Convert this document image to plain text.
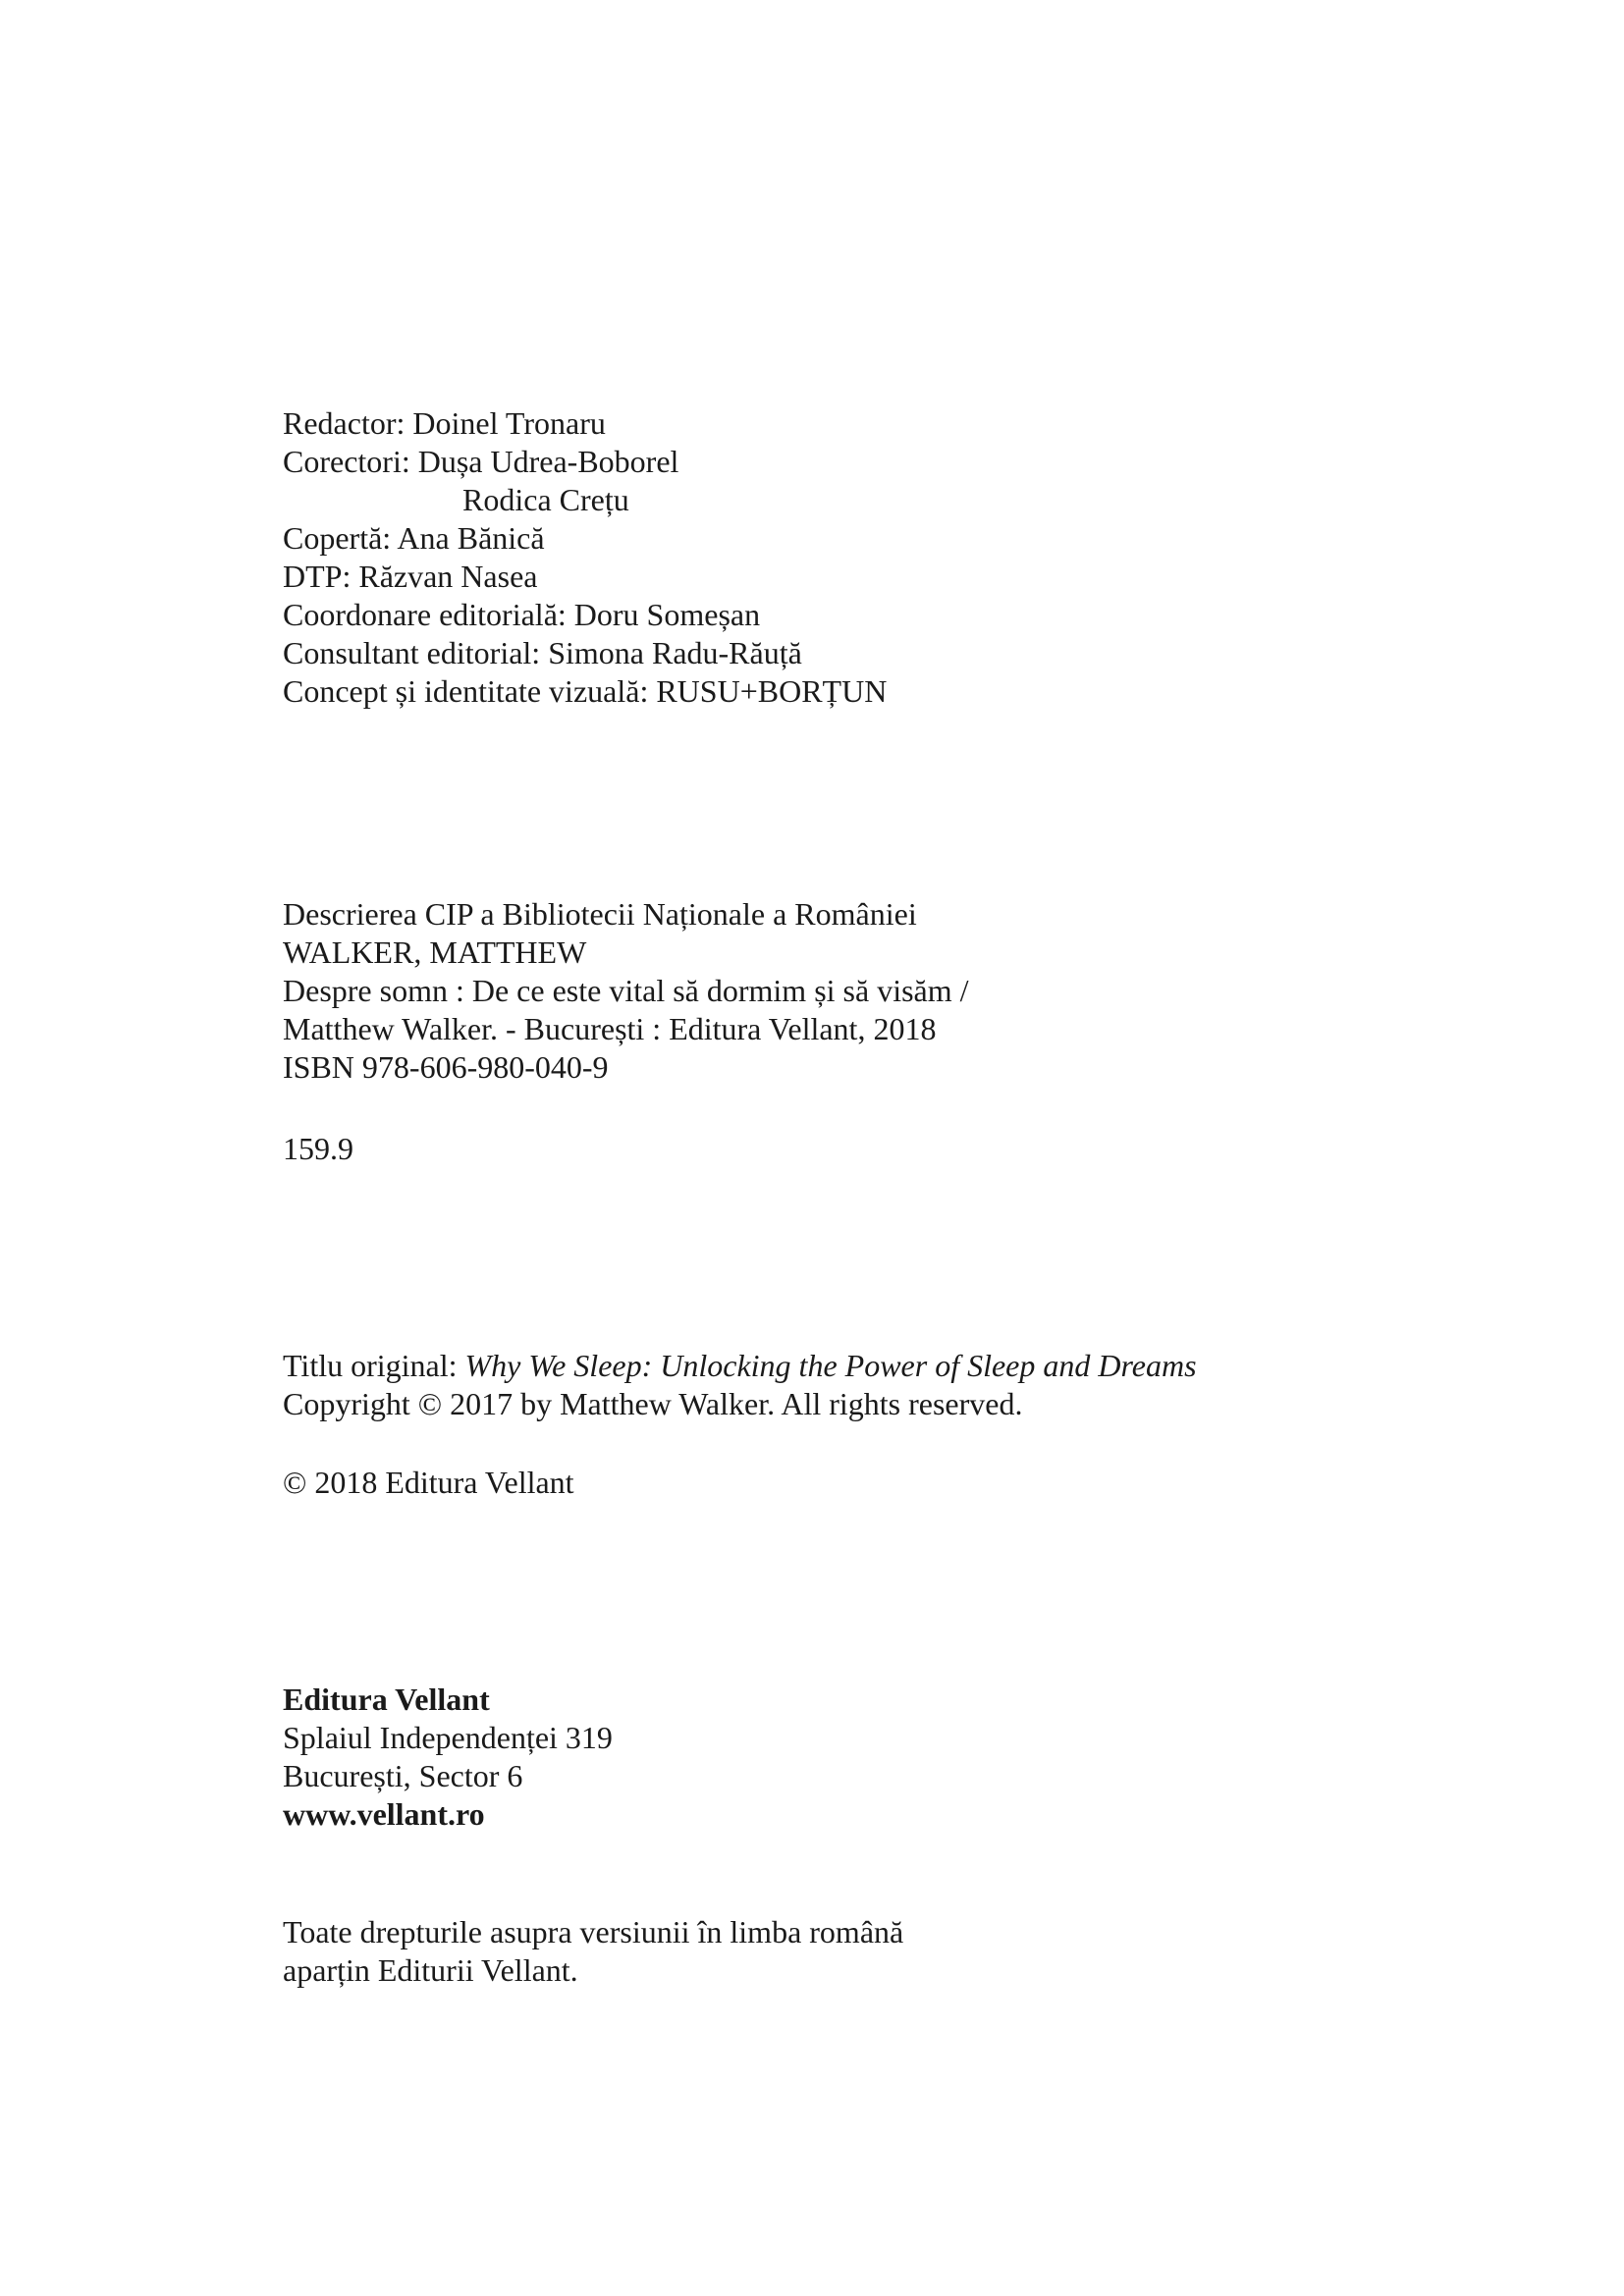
Redactor: Doinel Tronaru

Corectori: Dușa Udrea-Boborel

Rodica Crețu

Copertă: Ana Bănică

DTP: Răzvan Nasea

Coordonare editorială: Doru Someșan

Consultant editorial: Simona Radu-Răuță

Concept și identitate vizuală: RUSU+BORȚUN

Descrierea CIP a Bibliotecii Naționale a României

WALKER, MATTHEW

Despre somn : De ce este vital să dormim și să visăm /

Matthew Walker. - București : Editura Vellant, 2018

ISBN 978-606-980-040-9

159.9

Titlu original: Why We Sleep: Unlocking the Power of Sleep and Dreams

Copyright © 2017 by Matthew Walker. All rights reserved.

© 2018 Editura Vellant

Editura Vellant

Splaiul Independenței 319

București, Sector 6

www.vellant.ro

Toate drepturile asupra versiunii în limba română

aparțin Editurii Vellant.
